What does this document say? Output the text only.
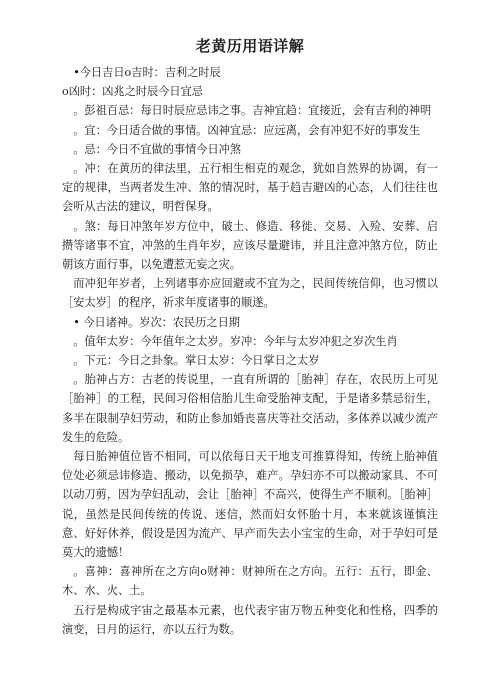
老黄历用语详解

•今日吉日o吉时：吉利之时辰

o凶时：凶兆之时辰今日宜忌

。彭祖百忌：每日时辰应忌讳之事。吉神宜趋：宜接近，会有吉利的神明

。宜：今日适合做的事情。凶神宜忌：应远离，会有冲犯不好的事发生

。忌：今日不宜做的事情今日冲煞

。冲：在黄历的律法里，五行相生相克的观念，犹如自然界的协调，有一定的规律，当两者发生冲、煞的情况时，基于趋吉避凶的心态，人们往往也会听从古法的建议，明哲保身。

。煞：每日冲煞年岁方位中，破土、修造、移徙、交易、入殓、安葬、启攒等诸事不宜，冲煞的生肖年岁，应该尽量避讳，并且注意冲煞方位，防止朝该方面行事，以免遭惹无妄之灾。

而冲犯年岁者，上列诸事亦应回避或不宜为之，民间传统信仰，也习惯以［安太岁］的程序，祈求年度诸事的顺遂。

• 今日诸神。岁次：农民历之日期

。值年太岁：今年值年之太岁。岁冲：今年与太岁冲犯之岁次生肖

。下元：今日之卦象。掌日太岁：今日掌日之太岁

。胎神占方：古老的传说里，一直有所谓的［胎神］存在，农民历上可见［胎神］的工程，民间习俗相信胎儿生命受胎神支配，于是诸多禁忌衍生，多半在限制孕妇劳动，和防止参加婚丧喜庆等社交活动，多体养以减少流产发生的危险。

每日胎神值位皆不相同，可以依每日天干地支可推算得知，传统上胎神值位处必须忌讳修造、搬动，以免损孕，难产。孕妇亦不可以搬动家具、不可以动刀剪，因为孕妇乱动，会让［胎神］不高兴，使得生产不顺利。［胎神］说，虽然是民间传统的传说、迷信，然而妇女怀胎十月，本来就该谨慎注意、好好休养，假设是因为流产、早产而失去小宝宝的生命，对于孕妇可是莫大的遗憾！

。喜神：喜神所在之方向o财神：财神所在之方向。五行：五行，即金、木、水、火、土。

五行是构成宇宙之最基本元素，也代表宇宙万物五种变化和性格，四季的演变，日月的运行，亦以五行为数。
